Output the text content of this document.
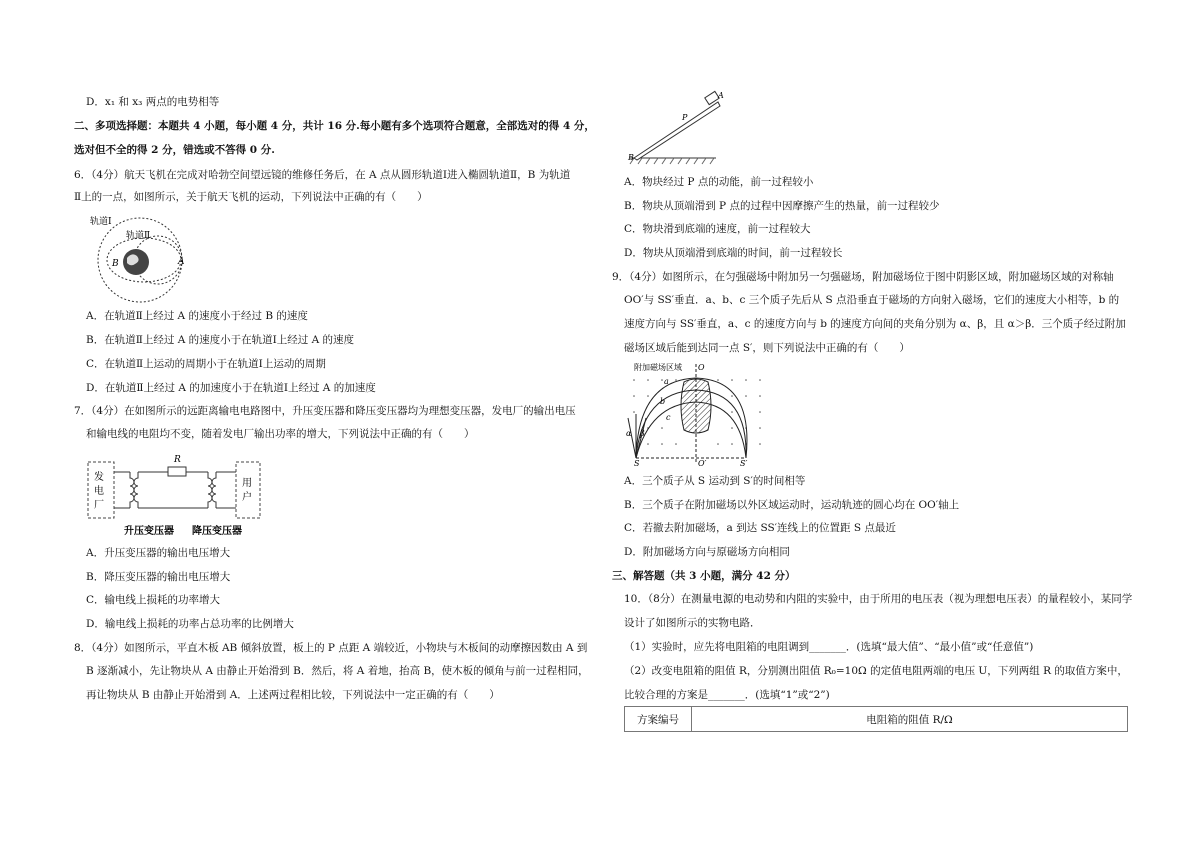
D．x₁ 和 x₃ 两点的电势相等
二、多项选择题：本题共 4 小题，每小题 4 分，共计 16 分.每小题有多个选项符合题意，全部选对的得 4 分，
选对但不全的得 2 分，错选或不答得 0 分.
6．（4分）航天飞机在完成对哈勃空间望远镜的维修任务后，在 A 点从圆形轨道Ⅰ进入椭圆轨道Ⅱ，B 为轨道
Ⅱ上的一点，如图所示，关于航天飞机的运动，下列说法中正确的有（　　）
轨道Ⅰ
轨道Ⅱ
A
B
A．在轨道Ⅱ上经过 A 的速度小于经过 B 的速度
B．在轨道Ⅱ上经过 A 的速度小于在轨道Ⅰ上经过 A 的速度
C．在轨道Ⅱ上运动的周期小于在轨道Ⅰ上运动的周期
D．在轨道Ⅱ上经过 A 的加速度小于在轨道Ⅰ上经过 A 的加速度
7．（4分）在如图所示的远距离输电电路图中，升压变压器和降压变压器均为理想变压器，发电厂的输出电压
和输电线的电阻均不变，随着发电厂输出功率的增大，下列说法中正确的有（　　）
发
电
厂
R
用
户
升压变压器 降压变压器
A．升压变压器的输出电压增大
B．降压变压器的输出电压增大
C．输电线上损耗的功率增大
D．输电线上损耗的功率占总功率的比例增大
8．（4分）如图所示，平直木板 AB 倾斜放置，板上的 P 点距 A 端较近，小物块与木板间的动摩擦因数由 A 到
B 逐渐减小，先让物块从 A 由静止开始滑到 B．然后，将 A 着地，抬高 B，使木板的倾角与前一过程相同，
再让物块从 B 由静止开始滑到 A．上述两过程相比较，下列说法中一定正确的有（　　）
A
P
B
A．物块经过 P 点的动能，前一过程较小
B．物块从顶端滑到 P 点的过程中因摩擦产生的热量，前一过程较少
C．物块滑到底端的速度，前一过程较大
D．物块从顶端滑到底端的时间，前一过程较长
9．（4分）如图所示，在匀强磁场中附加另一匀强磁场，附加磁场位于图中阴影区域，附加磁场区域的对称轴
OO′与 SS′垂直．a、b、c 三个质子先后从 S 点沿垂直于磁场的方向射入磁场，它们的速度大小相等，b 的
速度方向与 SS′垂直，a、c 的速度方向与 b 的速度方向间的夹角分别为 α、β，且 α＞β．三个质子经过附加
磁场区域后能到达同一点 S′，则下列说法中正确的有（　　）
附加磁场区域 O
O′
S	S′
a
b
c
α β
A．三个质子从 S 运动到 S′的时间相等
B．三个质子在附加磁场以外区域运动时，运动轨迹的圆心均在 OO′轴上
C．若撤去附加磁场，a 到达 SS′连线上的位置距 S 点最近
D．附加磁场方向与原磁场方向相同
三、解答题（共 3 小题，满分 42 分）
10．（8分）在测量电源的电动势和内阻的实验中，由于所用的电压表（视为理想电压表）的量程较小，某同学
设计了如图所示的实物电路．
（1）实验时，应先将电阻箱的电阻调到_______．(选填“最大值”、“最小值”或“任意值”)
（2）改变电阻箱的阻值 R，分别测出阻值 R₀=10Ω 的定值电阻两端的电压 U，下列两组 R 的取值方案中，
比较合理的方案是_______．(选填“1”或“2”)
方案编号	电阻箱的阻值 R/Ω
